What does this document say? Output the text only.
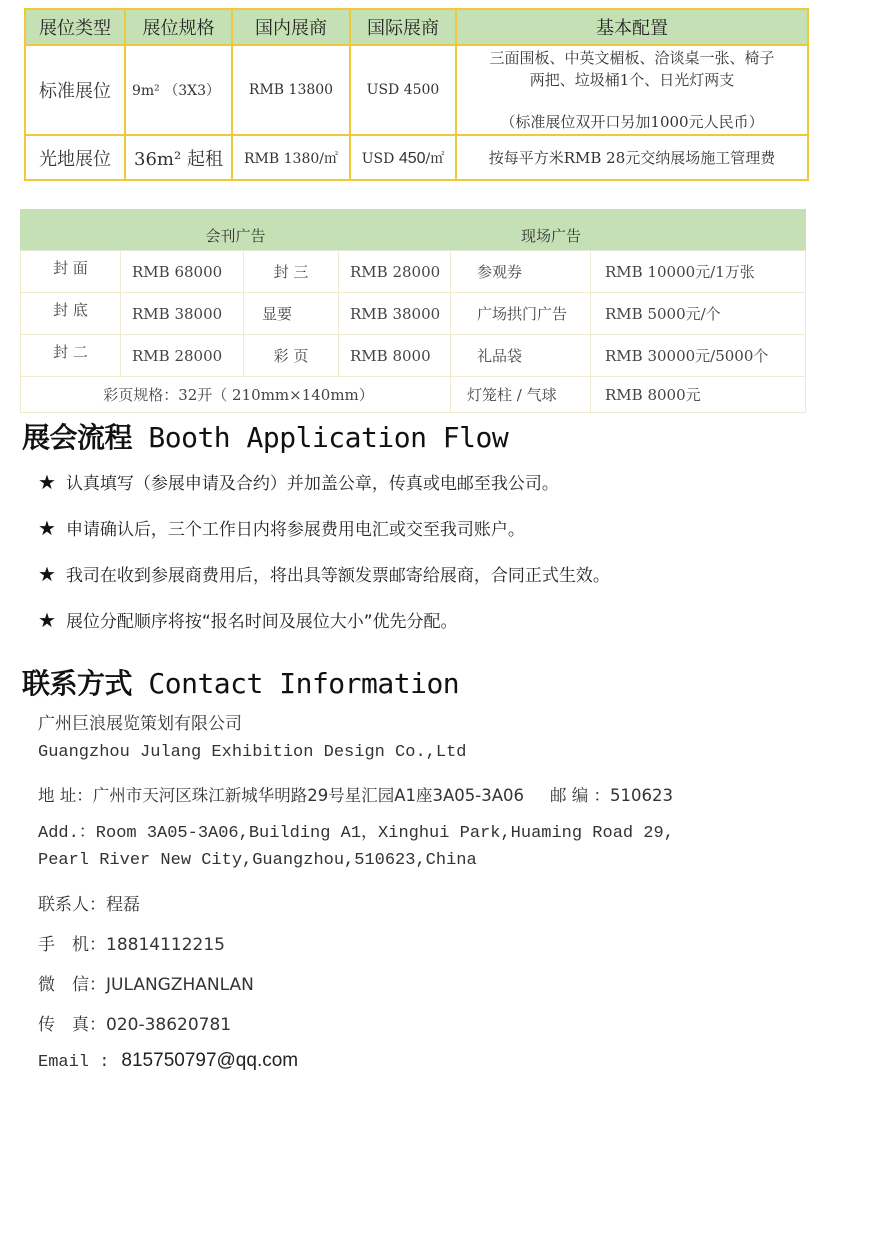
展位类型	展位规格	国内展商	国际展商	基本配置
标准展位	9m² （3X3）	RMB 13800	USD 4500	三面围板、中英文楣板、洽谈桌一张、椅子
两把、垃圾桶1个、日光灯两支
（标准展位双开口另加1000元人民币）

光地展位	36m² 起租	RMB 1380/㎡	USD 450/㎡	按每平方米RMB 28元交纳展场施工管理费
会刊广告				现场广告	
封 面	RMB 68000	封 三	RMB 28000	参观券	RMB 10000元/1万张
封 底	RMB 38000	显要	RMB 38000	广场拱门广告	RMB 5000元/个
封 二	RMB 28000	彩 页	RMB 8000	礼品袋	RMB 30000元/5000个
彩页规格：32开（ 210mm×140mm）				灯笼柱 / 气球	RMB 8000元
展会流程 Booth Application Flow
★ 认真填写（参展申请及合约）并加盖公章，传真或电邮至我公司。
★ 申请确认后，三个工作日内将参展费用电汇或交至我司账户。
★ 我司在收到参展商费用后，将出具等额发票邮寄给展商，合同正式生效。
★ 展位分配顺序将按“报名时间及展位大小”优先分配。
联系方式 Contact Information
广州巨浪展览策划有限公司
Guangzhou Julang Exhibition Design Co.,Ltd
地 址：广州市天河区珠江新城华明路29号星汇园A1座3A05-3A06 邮 编 ：510623
Add.：Room 3A05-3A06,Building A1，Xinghui Park,Huaming Road 29,
Pearl River New City,Guangzhou,510623,China
联系人：程磊
手　机：18814112215
微　信：JULANGZHANLAN
传　真：020-38620781
Email : 815750797@qq.com
